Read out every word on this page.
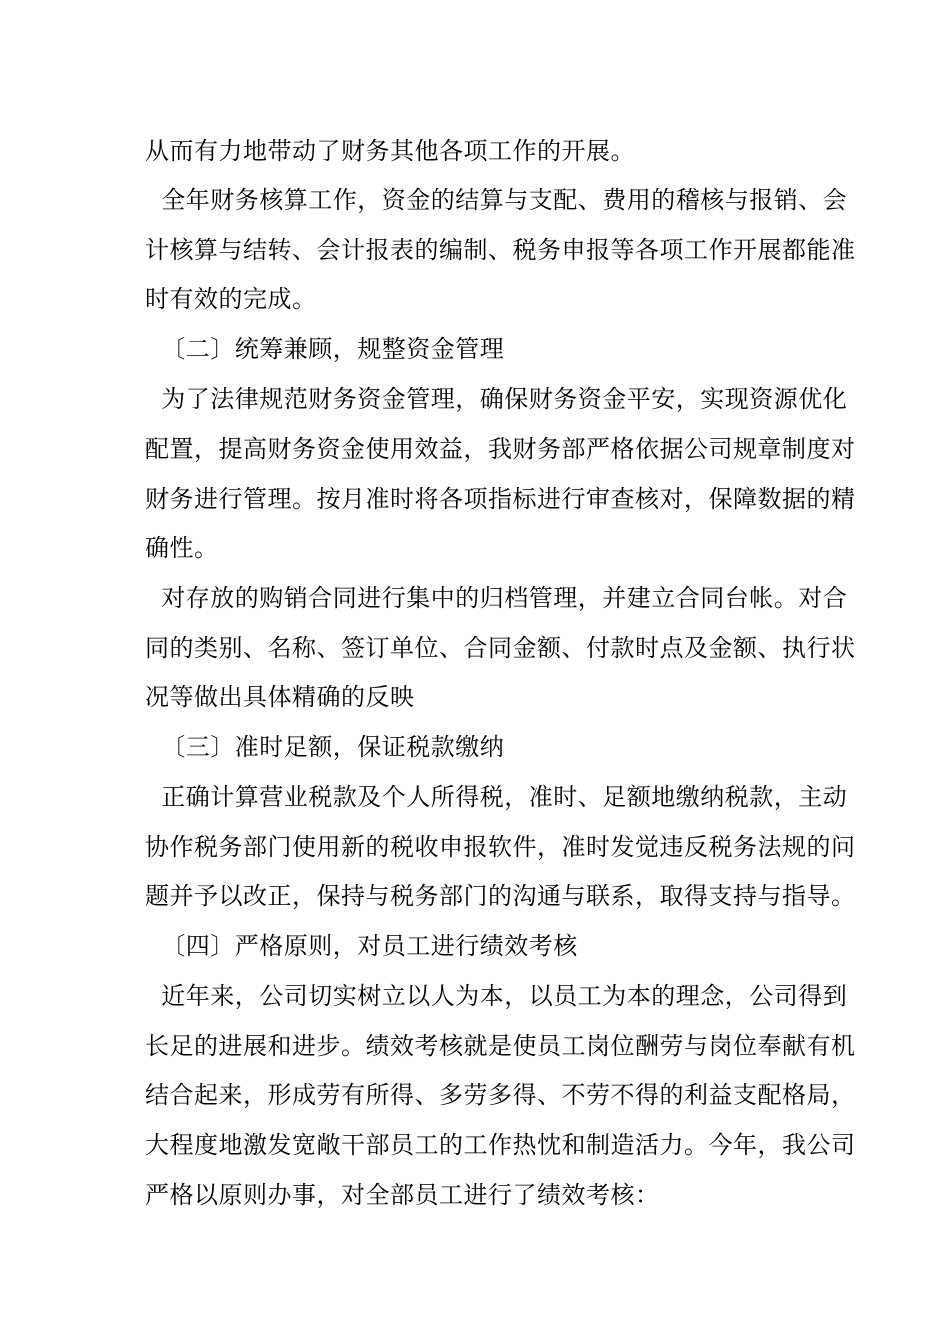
从而有力地带动了财务其他各项工作的开展。
全年财务核算工作，资金的结算与支配、费用的稽核与报销、会
计核算与结转、会计报表的编制、税务申报等各项工作开展都能准
时有效的完成。
〔二〕统筹兼顾，规整资金管理
为了法律规范财务资金管理，确保财务资金平安，实现资源优化
配置，提高财务资金使用效益，我财务部严格依据公司规章制度对
财务进行管理。按月准时将各项指标进行审查核对，保障数据的精
确性。
对存放的购销合同进行集中的归档管理，并建立合同台帐。对合
同的类别、名称、签订单位、合同金额、付款时点及金额、执行状
况等做出具体精确的反映
〔三〕准时足额，保证税款缴纳
正确计算营业税款及个人所得税，准时、足额地缴纳税款，主动
协作税务部门使用新的税收申报软件，准时发觉违反税务法规的问
题并予以改正，保持与税务部门的沟通与联系，取得支持与指导。
〔四〕严格原则，对员工进行绩效考核
近年来，公司切实树立以人为本，以员工为本的理念，公司得到
长足的进展和进步。绩效考核就是使员工岗位酬劳与岗位奉献有机
结合起来，形成劳有所得、多劳多得、不劳不得的利益支配格局，
大程度地激发宽敞干部员工的工作热忱和制造活力。今年，我公司
严格以原则办事，对全部员工进行了绩效考核：
